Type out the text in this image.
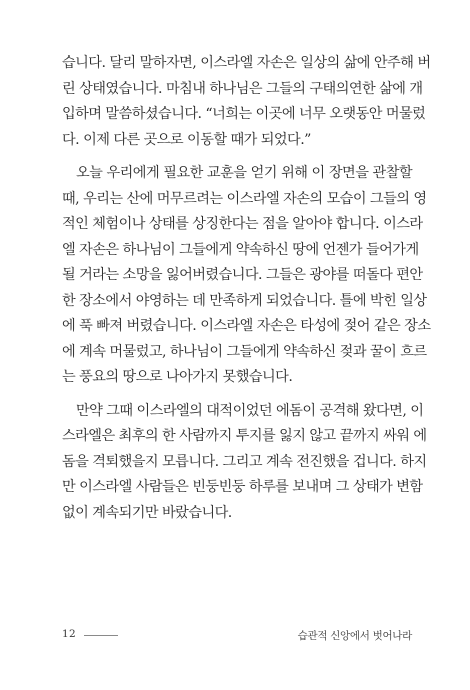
습니다. 달리 말하자면, 이스라엘 자손은 일상의 삶에 안주해 버
린 상태였습니다. 마침내 하나님은 그들의 구태의연한 삶에 개
입하며 말씀하셨습니다. “너희는 이곳에 너무 오랫동안 머물렀
다. 이제 다른 곳으로 이동할 때가 되었다.”
오늘 우리에게 필요한 교훈을 얻기 위해 이 장면을 관찰할
때, 우리는 산에 머무르려는 이스라엘 자손의 모습이 그들의 영
적인 체험이나 상태를 상징한다는 점을 알아야 합니다. 이스라
엘 자손은 하나님이 그들에게 약속하신 땅에 언젠가 들어가게
될 거라는 소망을 잃어버렸습니다. 그들은 광야를 떠돌다 편안
한 장소에서 야영하는 데 만족하게 되었습니다. 틀에 박힌 일상
에 푹 빠져 버렸습니다. 이스라엘 자손은 타성에 젖어 같은 장소
에 계속 머물렀고, 하나님이 그들에게 약속하신 젖과 꿀이 흐르
는 풍요의 땅으로 나아가지 못했습니다.
만약 그때 이스라엘의 대적이었던 에돔이 공격해 왔다면, 이
스라엘은 최후의 한 사람까지 투지를 잃지 않고 끝까지 싸워 에
돔을 격퇴했을지 모릅니다. 그리고 계속 전진했을 겁니다. 하지
만 이스라엘 사람들은 빈둥빈둥 하루를 보내며 그 상태가 변함
없이 계속되기만 바랐습니다.
12	습관적 신앙에서 벗어나라
